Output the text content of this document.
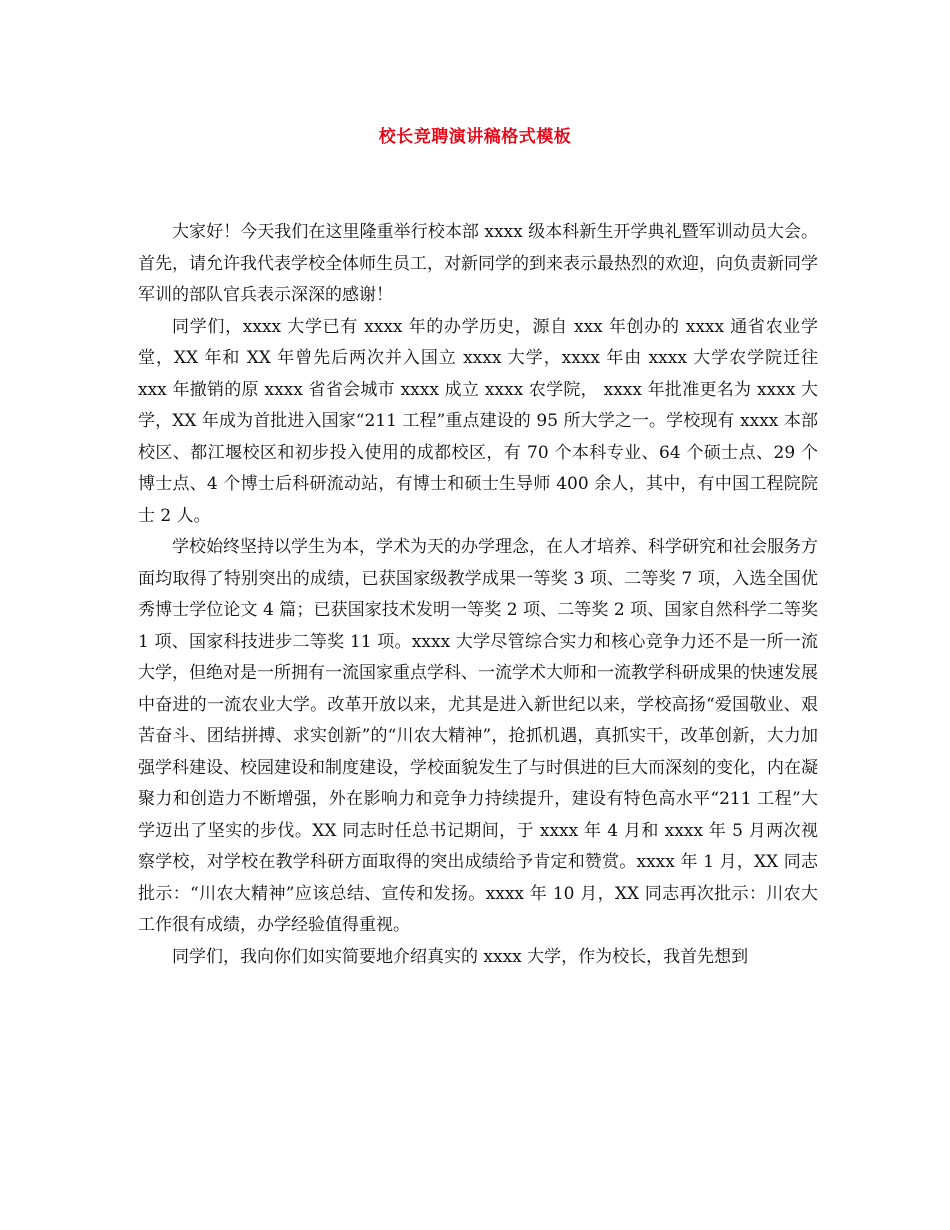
校长竞聘演讲稿格式模板

大家好！今天我们在这里隆重举行校本部 xxxx 级本科新生开学典礼暨军训动员大会。首先，请允许我代表学校全体师生员工，对新同学的到来表示最热烈的欢迎，向负责新同学军训的部队官兵表示深深的感谢！

同学们，xxxx 大学已有 xxxx 年的办学历史，源自 xxx 年创办的 xxxx 通省农业学堂，XX 年和 XX 年曾先后两次并入国立 xxxx 大学，xxxx 年由 xxxx 大学农学院迁往 xxx 年撤销的原 xxxx 省省会城市 xxxx 成立 xxxx 农学院， xxxx 年批准更名为 xxxx 大学，XX 年成为首批进入国家“211 工程”重点建设的 95 所大学之一。学校现有 xxxx 本部校区、都江堰校区和初步投入使用的成都校区，有 70 个本科专业、64 个硕士点、29 个博士点、4 个博士后科研流动站，有博士和硕士生导师 400 余人，其中，有中国工程院院士 2 人。

学校始终坚持以学生为本，学术为天的办学理念，在人才培养、科学研究和社会服务方面均取得了特别突出的成绩，已获国家级教学成果一等奖 3 项、二等奖 7 项，入选全国优秀博士学位论文 4 篇；已获国家技术发明一等奖 2 项、二等奖 2 项、国家自然科学二等奖 1 项、国家科技进步二等奖 11 项。xxxx 大学尽管综合实力和核心竞争力还不是一所一流大学，但绝对是一所拥有一流国家重点学科、一流学术大师和一流教学科研成果的快速发展中奋进的一流农业大学。改革开放以来，尤其是进入新世纪以来，学校高扬“爱国敬业、艰苦奋斗、团结拼搏、求实创新”的“川农大精神”，抢抓机遇，真抓实干，改革创新，大力加强学科建设、校园建设和制度建设，学校面貌发生了与时俱进的巨大而深刻的变化，内在凝聚力和创造力不断增强，外在影响力和竞争力持续提升，建设有特色高水平“211 工程”大学迈出了坚实的步伐。XX 同志时任总书记期间，于 xxxx 年 4 月和 xxxx 年 5 月两次视察学校，对学校在教学科研方面取得的突出成绩给予肯定和赞赏。xxxx 年 1 月，XX 同志批示：“川农大精神”应该总结、宣传和发扬。xxxx 年 10 月，XX 同志再次批示：川农大工作很有成绩，办学经验值得重视。

同学们，我向你们如实简要地介绍真实的 xxxx 大学，作为校长，我首先想到
